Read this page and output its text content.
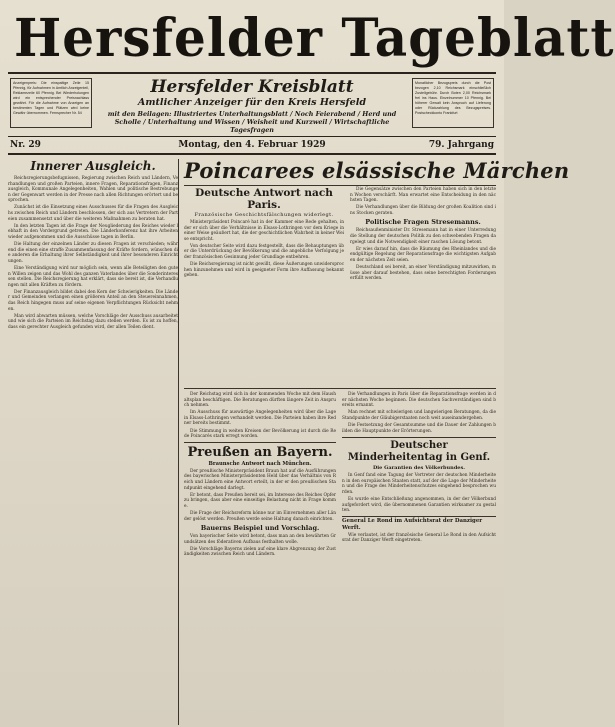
Hersfelder Tageblatt
Anzeigenpreis: Die einspaltige Zeile 15 Pfennig, für Aufnahmen in Amtlich Anzeigenteil, Reklamezeile 60 Pfennig. Bei Wiederholungen wird ein entsprechender Preisnachlass gewährt. Für die Aufnahme von Anzeigen an bestimmten Tagen und Plätzen wird keine Gewähr übernommen. Fernsprecher Nr. 54
Hersfelder Kreisblatt
Amtlicher Anzeiger für den Kreis Hersfeld
mit den Beilagen: Illustriertes Unterhaltungsblatt / Noch Feierabend / Herd und Scholle / Unterhaltung und Wissen / Weisheit und Kurzweil / Wirtschaftliche Tagesfragen
Monatlicher Bezugspreis durch die Post bezogen 2,10 Reichsmark einschließlich Zustellgebühr. Durch Boten 2,00 Reichsmark frei ins Haus. Einzelnummer 10 Pfennig. Bei höherer Gewalt kein Anspruch auf Lieferung oder Rückzahlung des Bezugspreises. Postscheckkonto Frankfurt
Nr. 29	Montag, den 4. Februar 1929	79. Jahrgang
Innerer Ausgleich.

Reichsregierungsbefugnissen, Regierung zwischen Reich und Ländern, Verhandlungen und großen Parteien, innere Fragen, Reparationsfragen, Finanzausgleich, Kommunale Angelegenheiten, Wahlen und politische Bestrebungen der Gegenwart werden in der Presse nach allen Richtungen erörtert und besprochen.

Zunächst ist die Einsetzung eines Ausschusses für die Fragen des Ausgleichs zwischen Reich und Ländern beschlossen, der sich aus Vertretern der Parteien zusammensetzt und über die weiteren Maßnahmen zu beraten hat.

In den letzten Tagen ist die Frage der Neugliederung des Reiches wieder lebhaft in den Vordergrund getreten. Die Länderkonferenz hat ihre Arbeiten wieder aufgenommen und die Ausschüsse tagen in Berlin.

Die Haltung der einzelnen Länder zu diesen Fragen ist verschieden; während die einen eine straffe Zusammenfassung der Kräfte fordern, wünschen die anderen die Erhaltung ihrer Selbständigkeit und ihrer besonderen Einrichtungen.

Eine Verständigung wird nur möglich sein, wenn alle Beteiligten den guten Willen zeigen und das Wohl des ganzen Vaterlandes über die Sonderinteressen stellen. Die Reichsregierung hat erklärt, dass sie bereit ist, die Verhandlungen mit allen Kräften zu fördern.

Der Finanzausgleich bildet dabei den Kern der Schwierigkeiten. Die Länder und Gemeinden verlangen einen größeren Anteil an den Steuereinnahmen, das Reich hingegen muss auf seine eigenen Verpflichtungen Rücksicht nehmen.

Man wird abwarten müssen, welche Vorschläge der Ausschuss ausarbeitet und wie sich die Parteien im Reichstag dazu stellen werden. Es ist zu hoffen, dass ein gerechter Ausgleich gefunden wird, der allen Teilen dient.

Poincarees elsässische Märchen
Deutsche Antwort nach Paris.
Französische Geschichtsfälschungen widerlegt.

Ministerpräsident Poincaré hat in der Kammer eine Rede gehalten, in der er sich über die Verhältnisse in Elsass-Lothringen vor dem Kriege in einer Weise geäußert hat, die der geschichtlichen Wahrheit in keiner Weise entspricht.

Von deutscher Seite wird dazu festgestellt, dass die Behauptungen über die Unterdrückung der Bevölkerung und die angebliche Verfolgung jeder französischen Gesinnung jeder Grundlage entbehren.

Die Reichsregierung ist nicht gewillt, diese Äußerungen unwidersprochen hinzunehmen und wird in geeigneter Form ihre Auffassung bekannt geben.

Die Gegensätze zwischen den Parteien haben sich in den letzten Wochen verschärft. Man erwartet eine Entscheidung in den nächsten Tagen.

Die Verhandlungen über die Bildung der großen Koalition sind ins Stocken geraten.

Politische Fragen Stresemanns.

Reichsaußenminister Dr. Stresemann hat in einer Unterredung die Stellung der deutschen Politik zu den schwebenden Fragen dargelegt und die Notwendigkeit einer raschen Lösung betont.

Er wies darauf hin, dass die Räumung des Rheinlandes und die endgültige Regelung der Reparationsfrage die wichtigsten Aufgaben der nächsten Zeit seien.

Deutschland sei bereit, an einer Verständigung mitzuwirken, müsse aber darauf bestehen, dass seine berechtigten Forderungen erfüllt werden.

Der Reichstag wird sich in der kommenden Woche mit dem Haushaltsplan beschäftigen. Die Beratungen dürften längere Zeit in Anspruch nehmen.

Im Ausschuss für auswärtige Angelegenheiten wird über die Lage in Elsass-Lothringen verhandelt werden. Die Parteien haben ihre Redner bereits bestimmt.

Die Stimmung in weiten Kreisen der Bevölkerung ist durch die Rede Poincarés stark erregt worden.

Preußen an Bayern.
Braunsche Antwort nach München.

Der preußische Ministerpräsident Braun hat auf die Ausführungen des bayerischen Ministerpräsidenten Held über das Verhältnis von Reich und Ländern eine Antwort erteilt, in der er den preußischen Standpunkt eingehend darlegt.

Er betont, dass Preußen bereit sei, im Interesse des Reiches Opfer zu bringen, dass aber eine einseitige Belastung nicht in Frage komme.

Die Frage der Reichsreform könne nur im Einvernehmen aller Länder gelöst werden. Preußen werde seine Haltung danach einrichten.

Bauerns Beispiel und Vorschlag.

Von bayerischer Seite wird betont, dass man an den bewährten Grundsätzen des föderativen Aufbaus festhalten wolle.

Die Vorschläge Bayerns zielen auf eine klare Abgrenzung der Zuständigkeiten zwischen Reich und Ländern.

Die Verhandlungen in Paris über die Reparationsfrage werden in der nächsten Woche beginnen. Die deutschen Sachverständigen sind bereits ernannt.

Man rechnet mit schwierigen und langwierigen Beratungen, da die Standpunkte der Gläubigerstaaten noch weit auseinandergehen.

Die Festsetzung der Gesamtsumme und die Dauer der Zahlungen bilden die Hauptpunkte der Erörterungen.

Deutscher Minderheitentag in Genf.
Die Garantien des Völkerbundes.

In Genf fand eine Tagung der Vertreter der deutschen Minderheiten in den europäischen Staaten statt, auf der die Lage der Minderheiten und die Frage des Minderheitenschutzes eingehend besprochen wurden.

Es wurde eine Entschließung angenommen, in der der Völkerbund aufgefordert wird, die übernommenen Garantien wirksamer zu gestalten.

General Le Rond im Aufsichtsrat der Danziger Werft.

Wie verlautet, ist der französische General Le Rond in den Aufsichtsrat der Danziger Werft eingetreten.
